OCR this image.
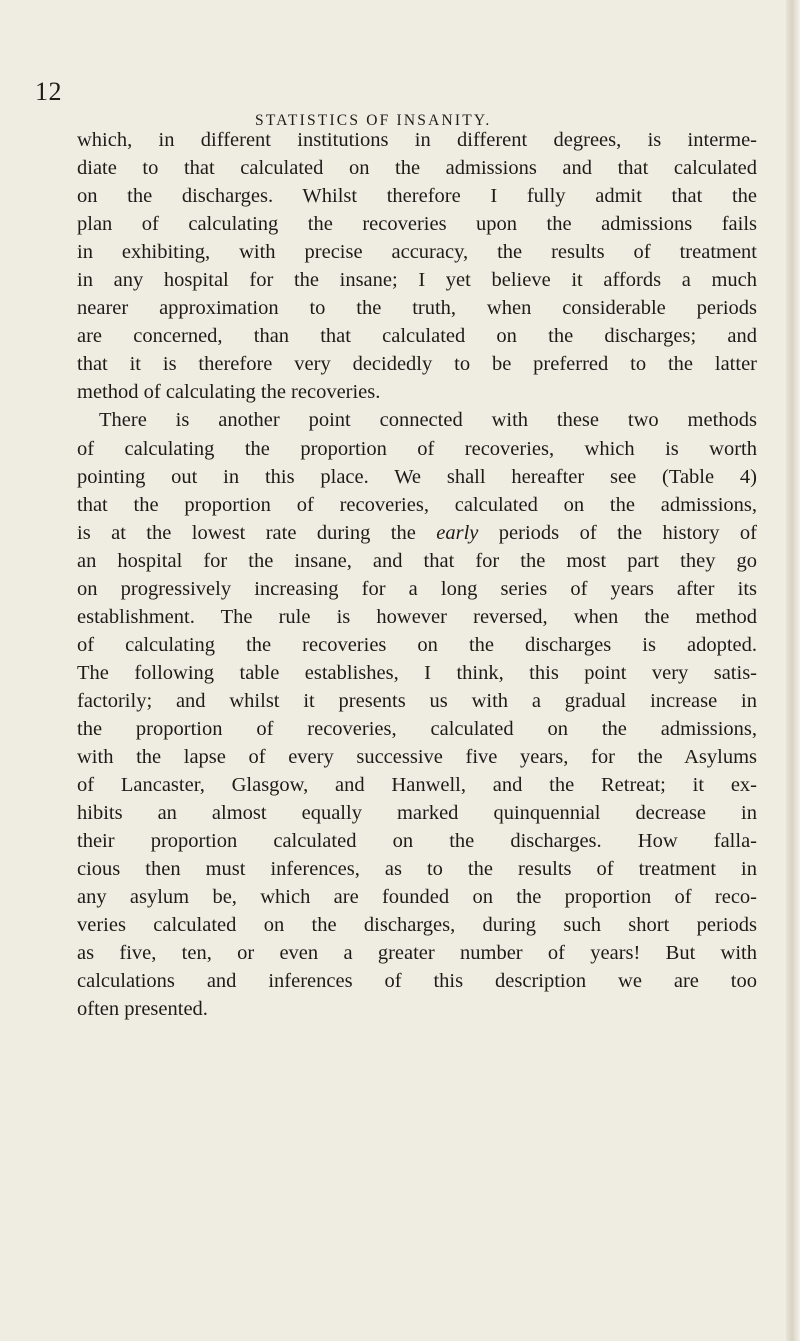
12
STATISTICS OF INSANITY.
which, in different institutions in different degrees, is interme-
diate to that calculated on the admissions and that calculated
on the discharges. Whilst therefore I fully admit that the
plan of calculating the recoveries upon the admissions fails
in exhibiting, with precise accuracy, the results of treatment
in any hospital for the insane; I yet believe it affords a much
nearer approximation to the truth, when considerable periods
are concerned, than that calculated on the discharges; and
that it is therefore very decidedly to be preferred to the latter
method of calculating the recoveries.
There is another point connected with these two methods
of calculating the proportion of recoveries, which is worth
pointing out in this place. We shall hereafter see (Table 4)
that the proportion of recoveries, calculated on the admissions,
is at the lowest rate during the early periods of the history of
an hospital for the insane, and that for the most part they go
on progressively increasing for a long series of years after its
establishment. The rule is however reversed, when the method
of calculating the recoveries on the discharges is adopted.
The following table establishes, I think, this point very satis-
factorily; and whilst it presents us with a gradual increase in
the proportion of recoveries, calculated on the admissions,
with the lapse of every successive five years, for the Asylums
of Lancaster, Glasgow, and Hanwell, and the Retreat; it ex-
hibits an almost equally marked quinquennial decrease in
their proportion calculated on the discharges. How falla-
cious then must inferences, as to the results of treatment in
any asylum be, which are founded on the proportion of reco-
veries calculated on the discharges, during such short periods
as five, ten, or even a greater number of years! But with
calculations and inferences of this description we are too
often presented.
